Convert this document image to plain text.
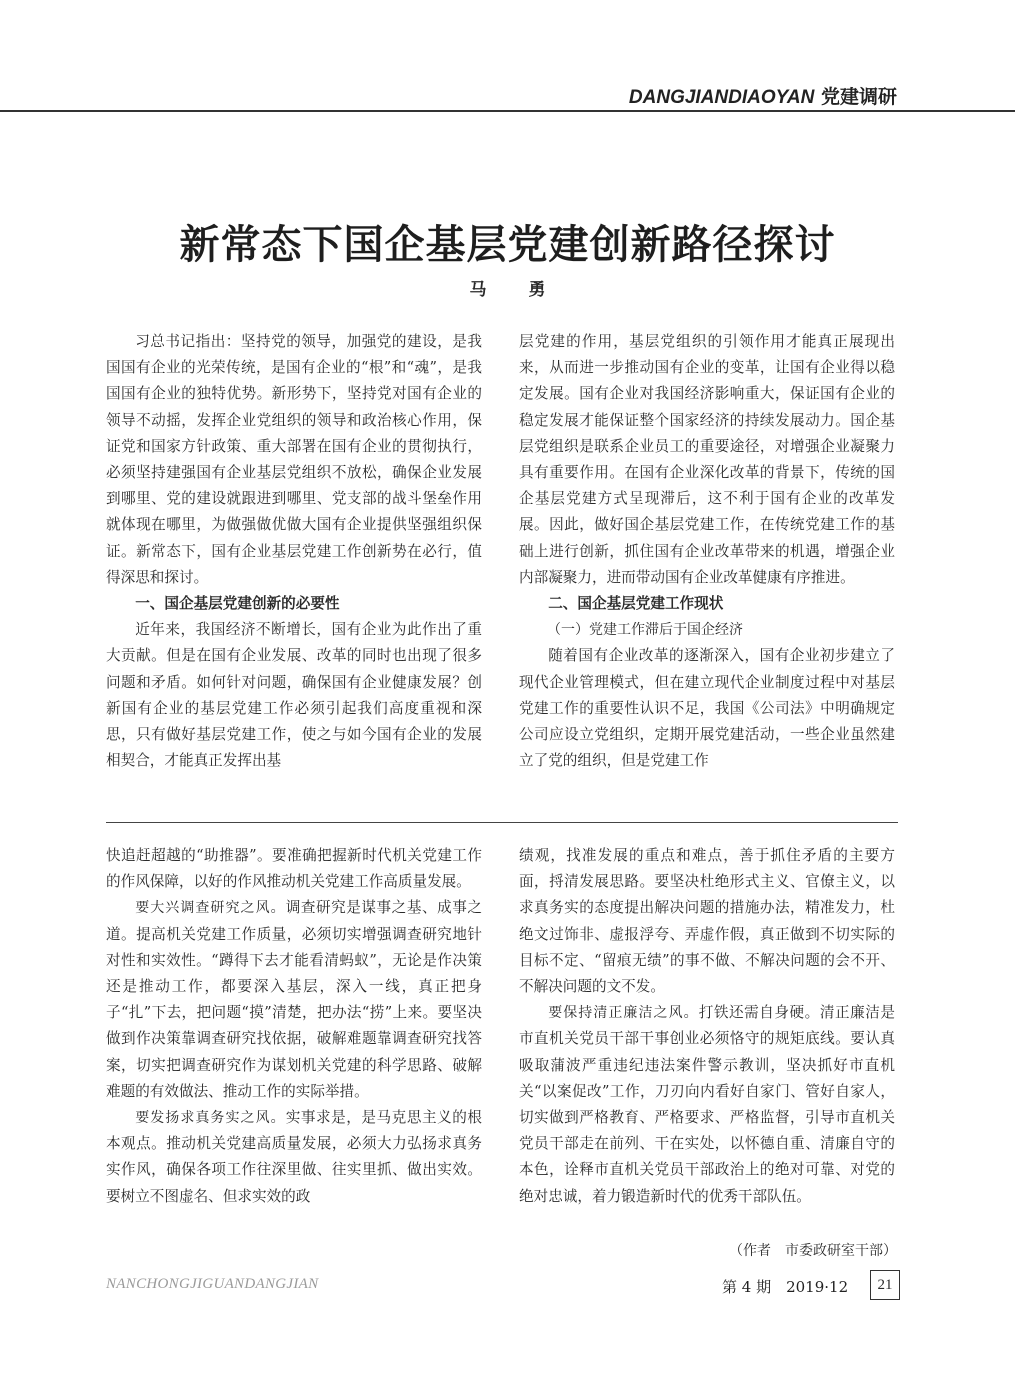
DANGJIANDIAOYAN 党建调研
新常态下国企基层党建创新路径探讨
马 勇

习总书记指出：坚持党的领导，加强党的建设，是我国国有企业的光荣传统，是国有企业的“根”和“魂”，是我国国有企业的独特优势。新形势下，坚持党对国有企业的领导不动摇，发挥企业党组织的领导和政治核心作用，保证党和国家方针政策、重大部署在国有企业的贯彻执行，必须坚持建强国有企业基层党组织不放松，确保企业发展到哪里、党的建设就跟进到哪里、党支部的战斗堡垒作用就体现在哪里，为做强做优做大国有企业提供坚强组织保证。新常态下，国有企业基层党建工作创新势在必行，值得深思和探讨。

一、国企基层党建创新的必要性

近年来，我国经济不断增长，国有企业为此作出了重大贡献。但是在国有企业发展、改革的同时也出现了很多问题和矛盾。如何针对问题，确保国有企业健康发展？创新国有企业的基层党建工作必须引起我们高度重视和深思，只有做好基层党建工作，使之与如今国有企业的发展相契合，才能真正发挥出基

层党建的作用，基层党组织的引领作用才能真正展现出来，从而进一步推动国有企业的变革，让国有企业得以稳定发展。国有企业对我国经济影响重大，保证国有企业的稳定发展才能保证整个国家经济的持续发展动力。国企基层党组织是联系企业员工的重要途径，对增强企业凝聚力具有重要作用。在国有企业深化改革的背景下，传统的国企基层党建方式呈现滞后，这不利于国有企业的改革发展。因此，做好国企基层党建工作，在传统党建工作的基础上进行创新，抓住国有企业改革带来的机遇，增强企业内部凝聚力，进而带动国有企业改革健康有序推进。

二、国企基层党建工作现状

（一）党建工作滞后于国企经济

随着国有企业改革的逐渐深入，国有企业初步建立了现代企业管理模式，但在建立现代企业制度过程中对基层党建工作的重要性认识不足，我国《公司法》中明确规定公司应设立党组织，定期开展党建活动，一些企业虽然建立了党的组织，但是党建工作

快追赶超越的“助推器”。要准确把握新时代机关党建工作的作风保障，以好的作风推动机关党建工作高质量发展。

要大兴调查研究之风。调查研究是谋事之基、成事之道。提高机关党建工作质量，必须切实增强调查研究地针对性和实效性。“蹲得下去才能看清蚂蚁”，无论是作决策还是推动工作，都要深入基层，深入一线，真正把身子“扎”下去，把问题“摸”清楚，把办法“捞”上来。要坚决做到作决策靠调查研究找依据，破解难题靠调查研究找答案，切实把调查研究作为谋划机关党建的科学思路、破解难题的有效做法、推动工作的实际举措。

要发扬求真务实之风。实事求是，是马克思主义的根本观点。推动机关党建高质量发展，必须大力弘扬求真务实作风，确保各项工作往深里做、往实里抓、做出实效。要树立不图虚名、但求实效的政

绩观，找准发展的重点和难点，善于抓住矛盾的主要方面，捋清发展思路。要坚决杜绝形式主义、官僚主义，以求真务实的态度提出解决问题的措施办法，精准发力，杜绝文过饰非、虚报浮夸、弄虚作假，真正做到不切实际的目标不定、“留痕无绩”的事不做、不解决问题的会不开、不解决问题的文不发。

要保持清正廉洁之风。打铁还需自身硬。清正廉洁是市直机关党员干部干事创业必须恪守的规矩底线。要认真吸取蒲波严重违纪违法案件警示教训，坚决抓好市直机关“以案促改”工作，刀刃向内看好自家门、管好自家人，切实做到严格教育、严格要求、严格监督，引导市直机关党员干部走在前列、干在实处，以怀德自重、清廉自守的本色，诠释市直机关党员干部政治上的绝对可靠、对党的绝对忠诚，着力锻造新时代的优秀干部队伍。

（作者　市委政研室干部）
NANCHONGJIGUANDANGJIAN	第 4 期　2019·12	21
